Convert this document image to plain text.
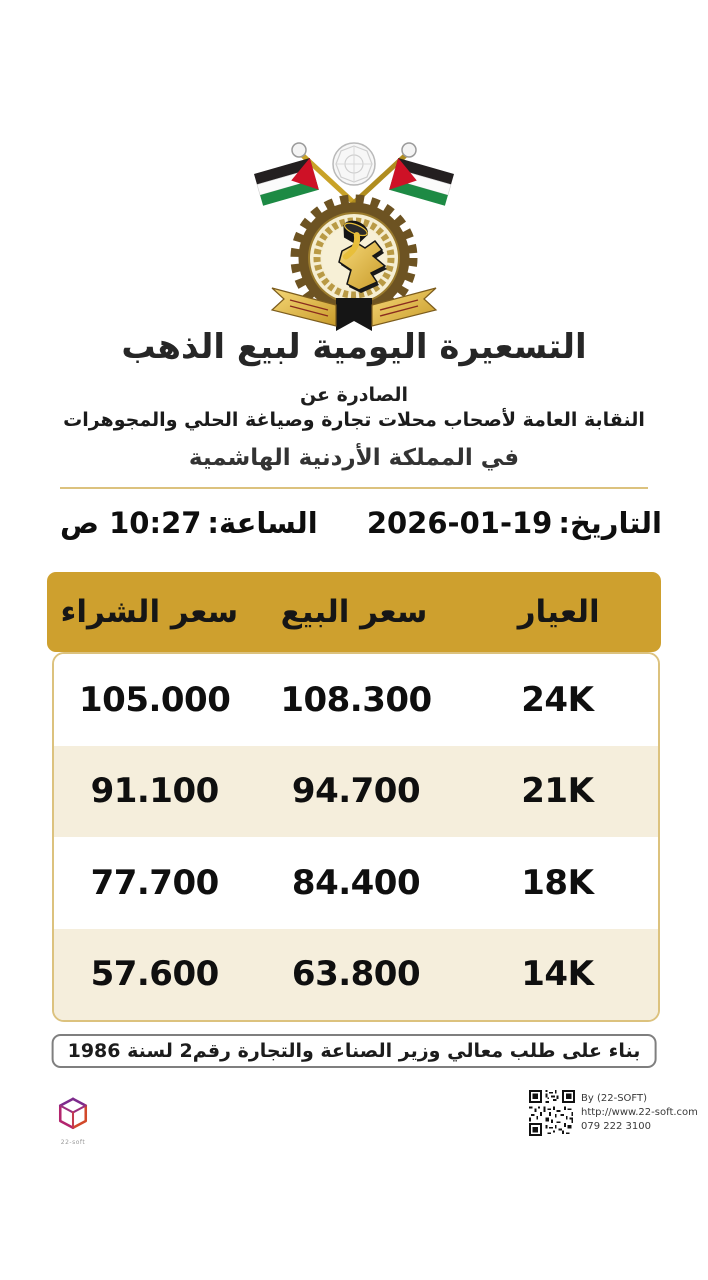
التسعيرة اليومية لبيع الذهب
الصادرة عن
النقابة العامة لأصحاب محلات تجارة وصياغة الحلي والمجوهرات
في المملكة الأردنية الهاشمية
التاريخ:19-01-2026
الساعة:10:27 ص
العيار
سعر البيع
سعر الشراء
24K
108.300
105.000
21K
94.700
91.100
18K
84.400
77.700
14K
63.800
57.600
بناء على طلب معالي وزير الصناعة والتجارة رقم2 لسنة 1986
By (22-SOFT)
http://www.22-soft.com
079 222 3100
22-soft
